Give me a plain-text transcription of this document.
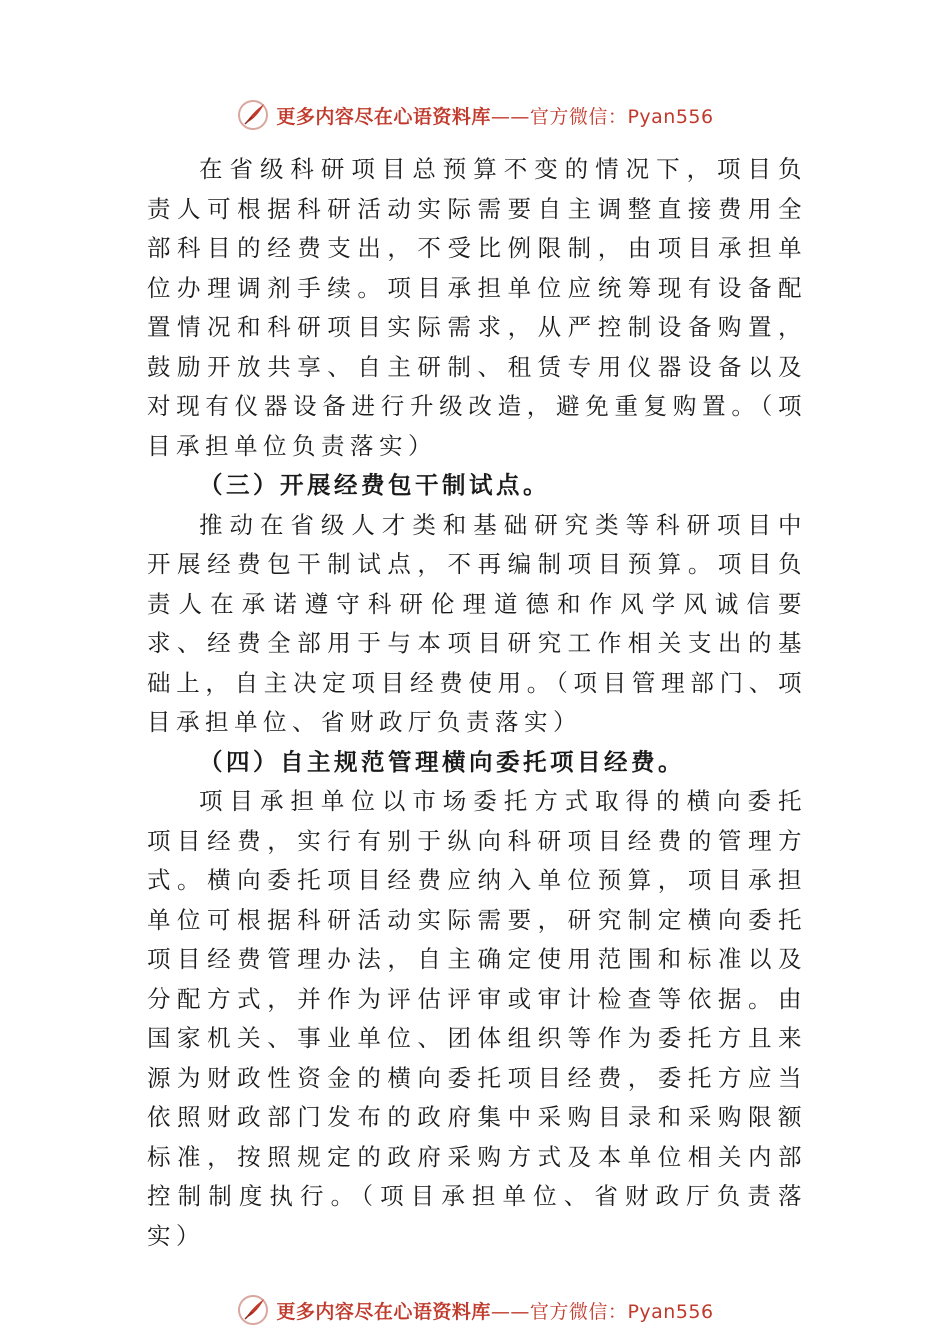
更多内容尽在心语资料库——官方微信：Pyan556

在省级科研项目总预算不变的情况下，项目负责人可根据科研活动实际需要自主调整直接费用全部科目的经费支出，不受比例限制，由项目承担单位办理调剂手续。项目承担单位应统筹现有设备配置情况和科研项目实际需求，从严控制设备购置，鼓励开放共享、自主研制、租赁专用仪器设备以及对现有仪器设备进行升级改造，避免重复购置。（项目承担单位负责落实）

（三）开展经费包干制试点。

推动在省级人才类和基础研究类等科研项目中开展经费包干制试点，不再编制项目预算。项目负责人在承诺遵守科研伦理道德和作风学风诚信要求、经费全部用于与本项目研究工作相关支出的基础上，自主决定项目经费使用。（项目管理部门、项目承担单位、省财政厅负责落实）

（四）自主规范管理横向委托项目经费。

项目承担单位以市场委托方式取得的横向委托项目经费，实行有别于纵向科研项目经费的管理方式。横向委托项目经费应纳入单位预算，项目承担单位可根据科研活动实际需要，研究制定横向委托项目经费管理办法，自主确定使用范围和标准以及分配方式，并作为评估评审或审计检查等依据。由国家机关、事业单位、团体组织等作为委托方且来源为财政性资金的横向委托项目经费，委托方应当依照财政部门发布的政府集中采购目录和采购限额标准，按照规定的政府采购方式及本单位相关内部控制制度执行。（项目承担单位、省财政厅负责落实）

更多内容尽在心语资料库——官方微信：Pyan556
